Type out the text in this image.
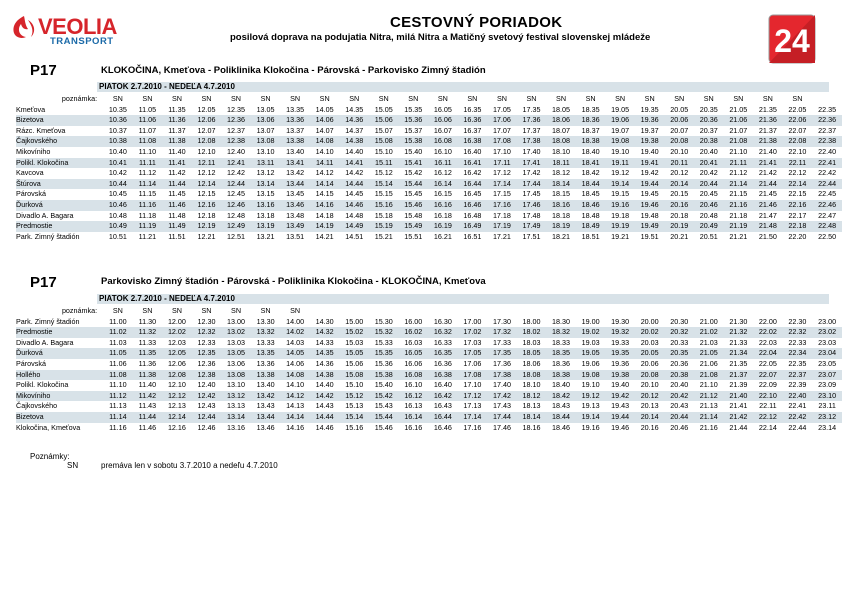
VEOLIA
TRANSPORT
CESTOVNÝ PORIADOK
posilová doprava na podujatia Nitra, milá Nitra a Matičný svetový festival slovenskej mládeže	24
P17	KLOKOČINA, Kmeťova - Poliklinika Klokočina - Párovská - Parkovisko Zimný štadión
PIATOK 2.7.2010 - NEDEĽA 4.7.2010
poznámka:	SN	SN	SN	SN	SN	SN	SN	SN	SN	SN	SN	SN	SN	SN	SN	SN	SN	SN	SN	SN	SN	SN	SN	SN	
Kmeťova	10.35	11.05	11.35	12.05	12.35	13.05	13.35	14.05	14.35	15.05	15.35	16.05	16.35	17.05	17.35	18.05	18.35	19.05	19.35	20.05	20.35	21.05	21.35	22.05	22.35
Bizetova	10.36	11.06	11.36	12.06	12.36	13.06	13.36	14.06	14.36	15.06	15.36	16.06	16.36	17.06	17.36	18.06	18.36	19.06	19.36	20.06	20.36	21.06	21.36	22.06	22.36
Rázc. Kmeťova	10.37	11.07	11.37	12.07	12.37	13.07	13.37	14.07	14.37	15.07	15.37	16.07	16.37	17.07	17.37	18.07	18.37	19.07	19.37	20.07	20.37	21.07	21.37	22.07	22.37
Čajkovského	10.38	11.08	11.38	12.08	12.38	13.08	13.38	14.08	14.38	15.08	15.38	16.08	16.38	17.08	17.38	18.08	18.38	19.08	19.38	20.08	20.38	21.08	21.38	22.08	22.38
Mikovíniho	10.40	11.10	11.40	12.10	12.40	13.10	13.40	14.10	14.40	15.10	15.40	16.10	16.40	17.10	17.40	18.10	18.40	19.10	19.40	20.10	20.40	21.10	21.40	22.10	22.40
Polikl. Klokočina	10.41	11.11	11.41	12.11	12.41	13.11	13.41	14.11	14.41	15.11	15.41	16.11	16.41	17.11	17.41	18.11	18.41	19.11	19.41	20.11	20.41	21.11	21.41	22.11	22.41
Kavcova	10.42	11.12	11.42	12.12	12.42	13.12	13.42	14.12	14.42	15.12	15.42	16.12	16.42	17.12	17.42	18.12	18.42	19.12	19.42	20.12	20.42	21.12	21.42	22.12	22.42
Štúrova	10.44	11.14	11.44	12.14	12.44	13.14	13.44	14.14	14.44	15.14	15.44	16.14	16.44	17.14	17.44	18.14	18.44	19.14	19.44	20.14	20.44	21.14	21.44	22.14	22.44
Párovská	10.45	11.15	11.45	12.15	12.45	13.15	13.45	14.15	14.45	15.15	15.45	16.15	16.45	17.15	17.45	18.15	18.45	19.15	19.45	20.15	20.45	21.15	21.45	22.15	22.45
Ďurková	10.46	11.16	11.46	12.16	12.46	13.16	13.46	14.16	14.46	15.16	15.46	16.16	16.46	17.16	17.46	18.16	18.46	19.16	19.46	20.16	20.46	21.16	21.46	22.16	22.46
Divadlo A. Bagara	10.48	11.18	11.48	12.18	12.48	13.18	13.48	14.18	14.48	15.18	15.48	16.18	16.48	17.18	17.48	18.18	18.48	19.18	19.48	20.18	20.48	21.18	21.47	22.17	22.47
Predmostie	10.49	11.19	11.49	12.19	12.49	13.19	13.49	14.19	14.49	15.19	15.49	16.19	16.49	17.19	17.49	18.19	18.49	19.19	19.49	20.19	20.49	21.19	21.48	22.18	22.48
Park. Zimný štadión	10.51	11.21	11.51	12.21	12.51	13.21	13.51	14.21	14.51	15.21	15.51	16.21	16.51	17.21	17.51	18.21	18.51	19.21	19.51	20.21	20.51	21.21	21.50	22.20	22.50
P17	Parkovisko Zimný štadión - Párovská - Poliklinika Klokočina - KLOKOČINA, Kmeťova
PIATOK 2.7.2010 - NEDEĽA 4.7.2010
poznámka:	SN	SN	SN	SN	SN	SN	SN																		
Park. Zimný štadión	11.00	11.30	12.00	12.30	13.00	13.30	14.00	14.30	15.00	15.30	16.00	16.30	17.00	17.30	18.00	18.30	19.00	19.30	20.00	20.30	21.00	21.30	22.00	22.30	23.00
Predmostie	11.02	11.32	12.02	12.32	13.02	13.32	14.02	14.32	15.02	15.32	16.02	16.32	17.02	17.32	18.02	18.32	19.02	19.32	20.02	20.32	21.02	21.32	22.02	22.32	23.02
Divadlo A. Bagara	11.03	11.33	12.03	12.33	13.03	13.33	14.03	14.33	15.03	15.33	16.03	16.33	17.03	17.33	18.03	18.33	19.03	19.33	20.03	20.33	21.03	21.33	22.03	22.33	23.03
Ďurková	11.05	11.35	12.05	12.35	13.05	13.35	14.05	14.35	15.05	15.35	16.05	16.35	17.05	17.35	18.05	18.35	19.05	19.35	20.05	20.35	21.05	21.34	22.04	22.34	23.04
Párovská	11.06	11.36	12.06	12.36	13.06	13.36	14.06	14.36	15.06	15.36	16.06	16.36	17.06	17.36	18.06	18.36	19.06	19.36	20.06	20.36	21.06	21.35	22.05	22.35	23.05
Hollého	11.08	11.38	12.08	12.38	13.08	13.38	14.08	14.38	15.08	15.38	16.08	16.38	17.08	17.38	18.08	18.38	19.08	19.38	20.08	20.38	21.08	21.37	22.07	22.37	23.07
Polikl. Klokočina	11.10	11.40	12.10	12.40	13.10	13.40	14.10	14.40	15.10	15.40	16.10	16.40	17.10	17.40	18.10	18.40	19.10	19.40	20.10	20.40	21.10	21.39	22.09	22.39	23.09
Mikovíniho	11.12	11.42	12.12	12.42	13.12	13.42	14.12	14.42	15.12	15.42	16.12	16.42	17.12	17.42	18.12	18.42	19.12	19.42	20.12	20.42	21.12	21.40	22.10	22.40	23.10
Čajkovského	11.13	11.43	12.13	12.43	13.13	13.43	14.13	14.43	15.13	15.43	16.13	16.43	17.13	17.43	18.13	18.43	19.13	19.43	20.13	20.43	21.13	21.41	22.11	22.41	23.11
Bizetova	11.14	11.44	12.14	12.44	13.14	13.44	14.14	14.44	15.14	15.44	16.14	16.44	17.14	17.44	18.14	18.44	19.14	19.44	20.14	20.44	21.14	21.42	22.12	22.42	23.12
Klokočina, Kmeťova	11.16	11.46	12.16	12.46	13.16	13.46	14.16	14.46	15.16	15.46	16.16	16.46	17.16	17.46	18.16	18.46	19.16	19.46	20.16	20.46	21.16	21.44	22.14	22.44	23.14
Poznámky:
SN	premáva len v sobotu 3.7.2010 a nedeľu 4.7.2010
